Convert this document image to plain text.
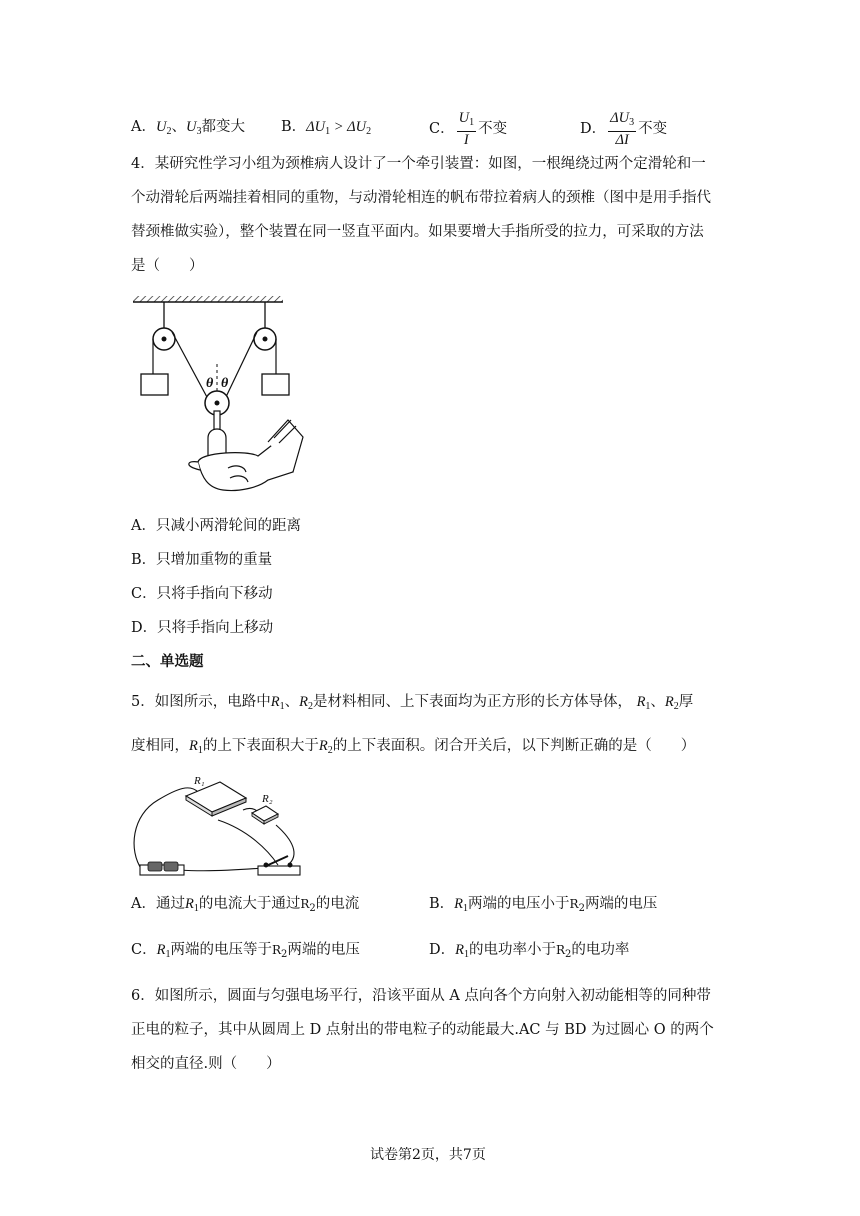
A．$U_2$、$U_3$都变大 B．$\Delta U_1 > \Delta U_2$	C． $\frac{U_1}{I}$ 不变	D． $\frac{\Delta U_3}{\Delta I}$ 不变
4．某研究性学习小组为颈椎病人设计了一个牵引装置：如图，一根绳绕过两个定滑轮和一
个动滑轮后两端挂着相同的重物，与动滑轮相连的帆布带拉着病人的颈椎（图中是用手指代
替颈椎做实验），整个装置在同一竖直平面内。如果要增大手指所受的拉力，可采取的方法
是（　　）
θ θ
A．只减小两滑轮间的距离
B．只增加重物的重量
C．只将手指向下移动
D．只将手指向上移动
二、单选题
5．如图所示，电路中$R_1$、$R_2$是材料相同、上下表面均为正方形的长方体导体， $R_1$、$R_2$厚
度相同，$R_1$的上下表面积大于$R_2$的上下表面积。闭合开关后，以下判断正确的是（　　）
R₁
R₂
A．通过$R_1$的电流大于通过$R_2$的电流	B．$R_1$两端的电压小于$R_2$两端的电压
C．$R_1$两端的电压等于$R_2$两端的电压	D．$R_1$的电功率小于$R_2$的电功率
6．如图所示，圆面与匀强电场平行，沿该平面从 A 点向各个方向射入初动能相等的同种带
正电的粒子，其中从圆周上 D 点射出的带电粒子的动能最大.AC 与 BD 为过圆心 O 的两个
相交的直径.则（　　）
试卷第2页，共7页
